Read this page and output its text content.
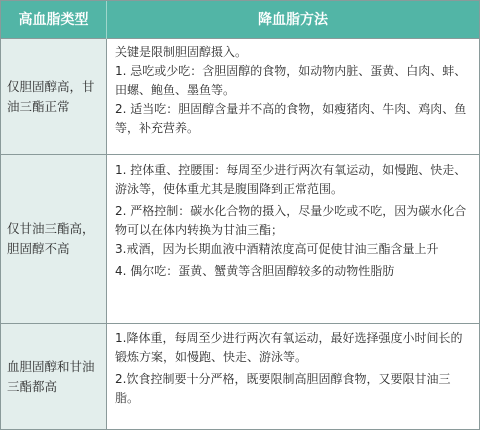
高血脂类型	降血脂方法
仅胆固醇高，甘油三酯正常

关键是限制胆固醇摄入。

1. 忌吃或少吃：含胆固醇的食物，如动物内脏、蛋黄、白肉、蚌、田螺、鲍鱼、墨鱼等。

2. 适当吃：胆固醇含量并不高的食物，如瘦猪肉、牛肉、鸡肉、鱼等，补充营养。

仅甘油三酯高，胆固醇不高

1. 控体重、控腰围：每周至少进行两次有氧运动，如慢跑、快走、游泳等，使体重尤其是腹围降到正常范围。

2. 严格控制：碳水化合物的摄入，尽量少吃或不吃，因为碳水化合物可以在体内转换为甘油三酯；

3.戒酒，因为长期血液中酒精浓度高可促使甘油三酯含量上升

4. 偶尔吃：蛋黄、蟹黄等含胆固醇较多的动物性脂肪

血胆固醇和甘油三酯都高

1.降体重，每周至少进行两次有氧运动，最好选择强度小时间长的锻炼方案，如慢跑、快走、游泳等。

2.饮食控制要十分严格，既要限制高胆固醇食物，又要限甘油三脂。
